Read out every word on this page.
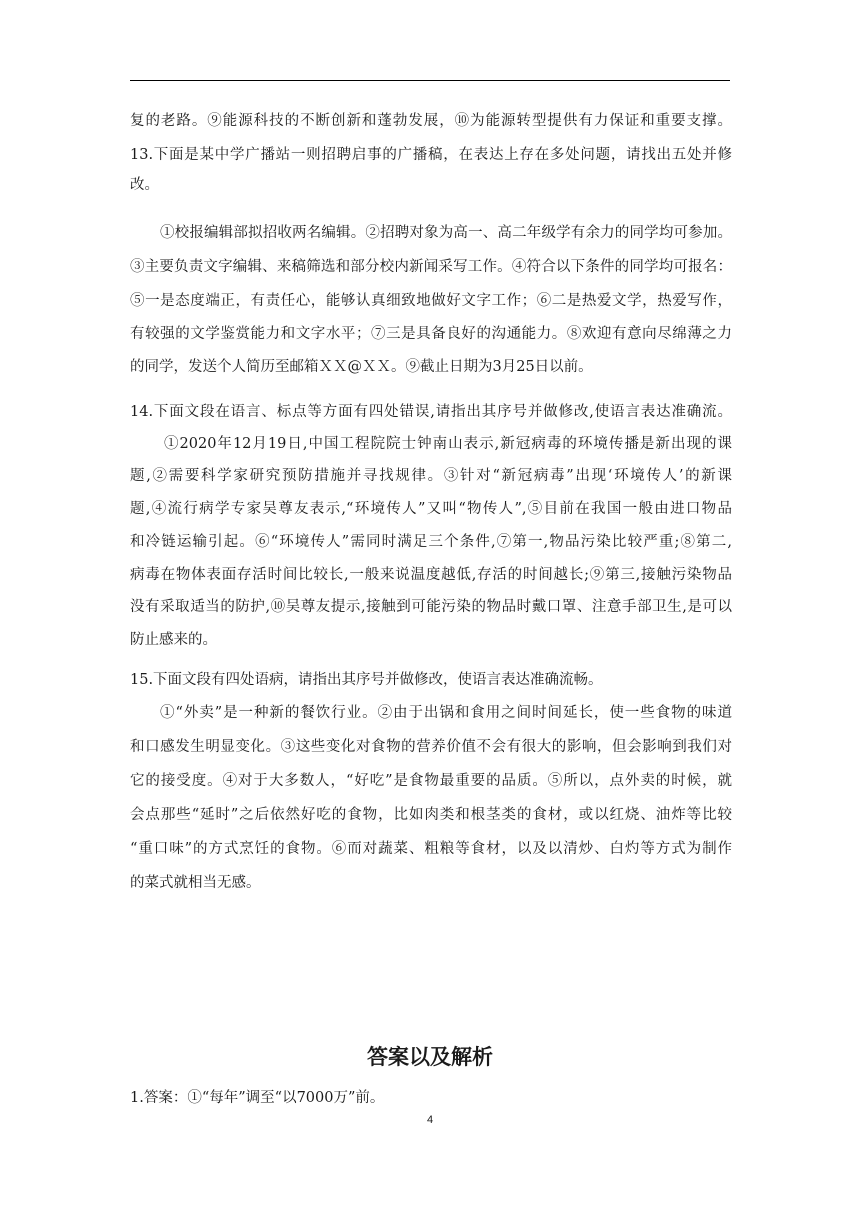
复的老路。⑨能源科技的不断创新和蓬勃发展，⑩为能源转型提供有力保证和重要支撑。
13.下面是某中学广播站一则招聘启事的广播稿，在表达上存在多处问题，请找出五处并修
改。
①校报编辑部拟招收两名编辑。②招聘对象为高一、高二年级学有余力的同学均可参加。
③主要负责文字编辑、来稿筛选和部分校内新闻采写工作。④符合以下条件的同学均可报名：
⑤一是态度端正，有责任心，能够认真细致地做好文字工作；⑥二是热爱文学，热爱写作，
有较强的文学鉴赏能力和文字水平；⑦三是具备良好的沟通能力。⑧欢迎有意向尽绵薄之力
的同学，发送个人简历至邮箱ＸＸ@ＸＸ。⑨截止日期为3月25日以前。
14.下面文段在语言、标点等方面有四处错误,请指出其序号并做修改,使语言表达准确流。
①2020年12月19日,中国工程院院士钟南山表示,新冠病毒的环境传播是新出现的课
题,②需要科学家研究预防措施并寻找规律。③针对“新冠病毒”出现‘环境传人’的新课
题,④流行病学专家吴尊友表示,“环境传人”又叫“物传人”,⑤目前在我国一般由进口物品
和冷链运输引起。⑥“环境传人”需同时满足三个条件,⑦第一,物品污染比较严重;⑧第二,
病毒在物体表面存活时间比较长,一般来说温度越低,存活的时间越长;⑨第三,接触污染物品
没有采取适当的防护,⑩吴尊友提示,接触到可能污染的物品时戴口罩、注意手部卫生,是可以
防止感来的。
15.下面文段有四处语病，请指出其序号并做修改，使语言表达准确流畅。
①“外卖”是一种新的餐饮行业。②由于出锅和食用之间时间延长，使一些食物的味道
和口感发生明显变化。③这些变化对食物的营养价值不会有很大的影响，但会影响到我们对
它的接受度。④对于大多数人，“好吃”是食物最重要的品质。⑤所以，点外卖的时候，就
会点那些“延时”之后依然好吃的食物，比如肉类和根茎类的食材，或以红烧、油炸等比较
“重口味”的方式烹饪的食物。⑥而对蔬菜、粗粮等食材，以及以清炒、白灼等方式为制作
的菜式就相当无感。
答案以及解析
1.答案：①“每年”调至“以7000万”前。
4
